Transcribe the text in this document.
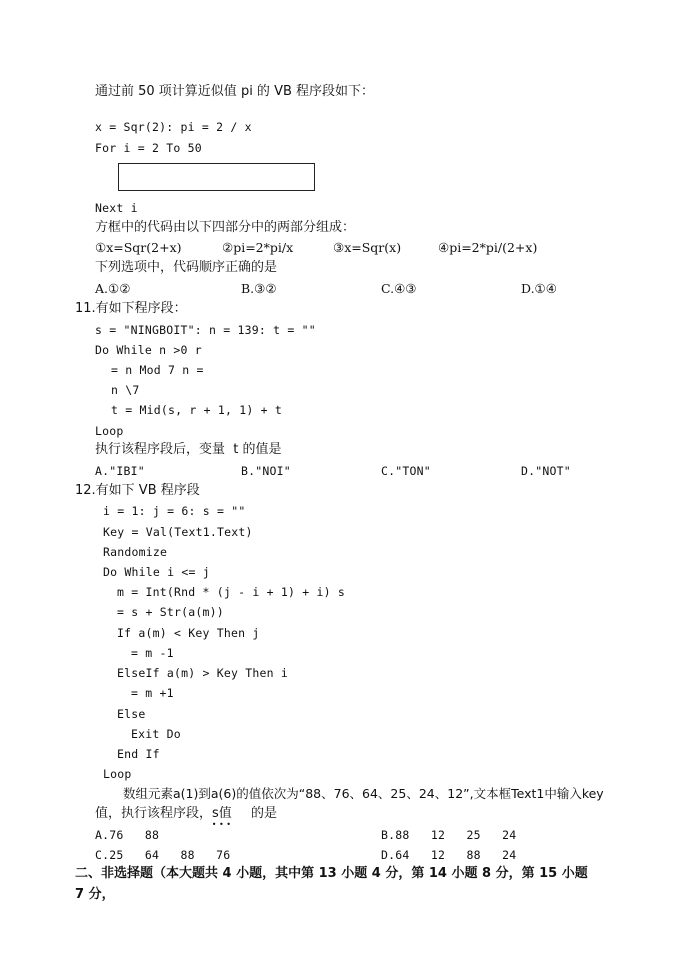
通过前 50 项计算近似值 pi 的 VB 程序段如下：
x = Sqr(2): pi = 2 / x
For i = 2 To 50
Next i
方框中的代码由以下四部分中的两部分组成：
①x=Sqr(2+x)	②pi=2*pi/x	③x=Sqr(x)	④pi=2*pi/(2+x)
下列选项中，代码顺序正确的是
A.①②	B.③②	C.④③	D.①④
11.有如下程序段：
s = "NINGBOIT": n = 139: t = ""
Do While n >0 r
= n Mod 7 n =
n \7
t = Mid(s, r + 1, 1) + t
Loop
执行该程序段后，变量  t 的值是
A."IBI"	B."NOI"	C."TON"	D."NOT"
12.有如下 VB 程序段
i = 1: j = 6: s = ""
Key = Val(Text1.Text)
Randomize
Do While i <= j
m = Int(Rnd * (j - i + 1) + i) s
= s + Str(a(m))
If a(m) < Key Then j
= m -1
ElseIf a(m) > Key Then i
= m +1
Else
Exit Do
End If
Loop
数组元素a(1)到a(6)的值依次为“88、76、64、25、24、12”,文本框Text1中输入key
值，执行该程序段，s值$_{• • •}$的是
A.76   88	B.88   12   25   24
C.25   64   88   76	D.64   12   88   24
二、非选择题（本大题共 4 小题，其中第 13 小题 4 分，第 14 小题 8 分，第 15 小题
7 分，
